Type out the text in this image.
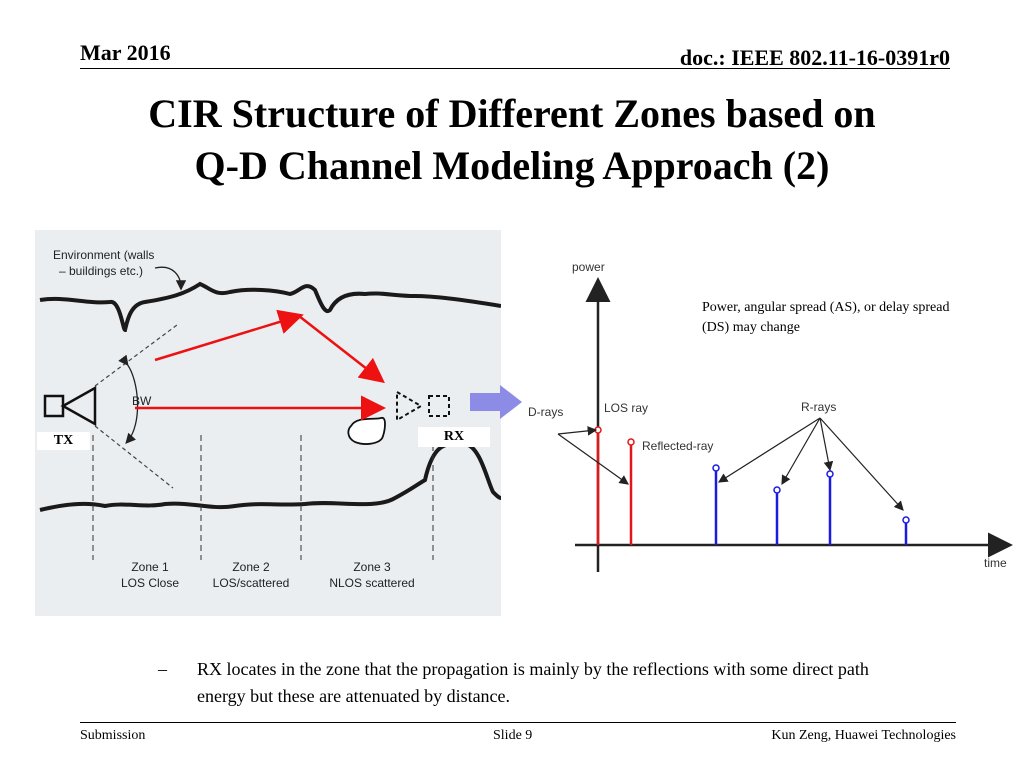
Mar 2016	doc.: IEEE 802.11-16-0391r0
CIR Structure of Different Zones based on
Q-D Channel Modeling Approach (2)
Environment (walls
– buildings etc.)
BW
Zone 1
LOS Close
Zone 2
LOS/scattered
Zone 3
NLOS scattered
TX	RX
power
time
D-rays	LOS ray
Reflected-ray
R-rays
Power, angular spread (AS), or delay spread (DS) may change
– RX locates in the zone that the propagation is mainly by the reflections with some direct path energy but these are attenuated by distance.
Submission	Slide 9	Kun Zeng, Huawei Technologies
